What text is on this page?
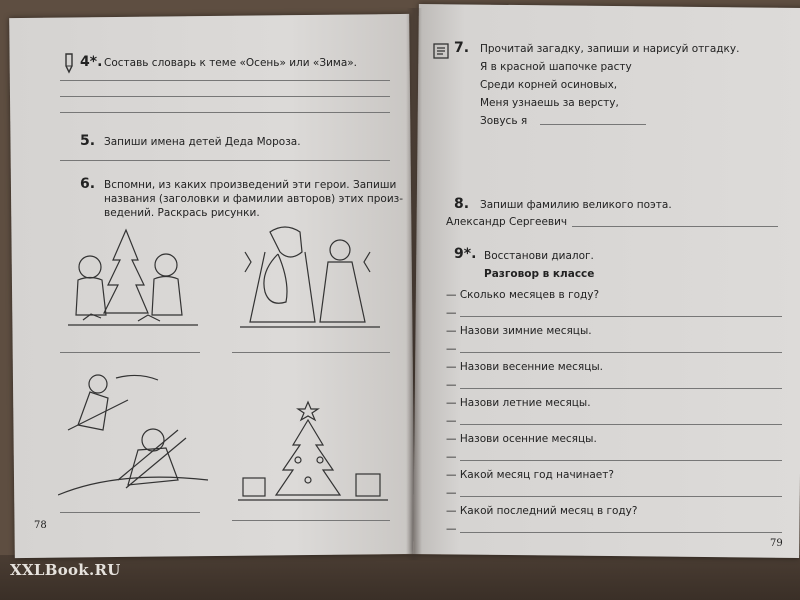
4*. Составь словарь к теме «Осень» или «Зима».
5. Запиши имена детей Деда Мороза.
6. Вспомни, из каких произведений эти герои. Запиши
названия (заголовки и фамилии авторов) этих произ-
ведений. Раскрась рисунки.
78
7. Прочитай загадку, запиши и нарисуй отгадку.
Я в красной шапочке расту
Среди корней осиновых,
Меня узнаешь за версту,
Зовусь я
8. Запиши фамилию великого поэта.
Александр Сергеевич
9*. Восстанови диалог.
Разговор в классе
— Сколько месяцев в году?
—
— Назови зимние месяцы.
—
— Назови весенние месяцы.
—
— Назови летние месяцы.
—
— Назови осенние месяцы.
—
— Какой месяц год начинает?
—
— Какой последний месяц в году?
—
79
XXLBook.RU
